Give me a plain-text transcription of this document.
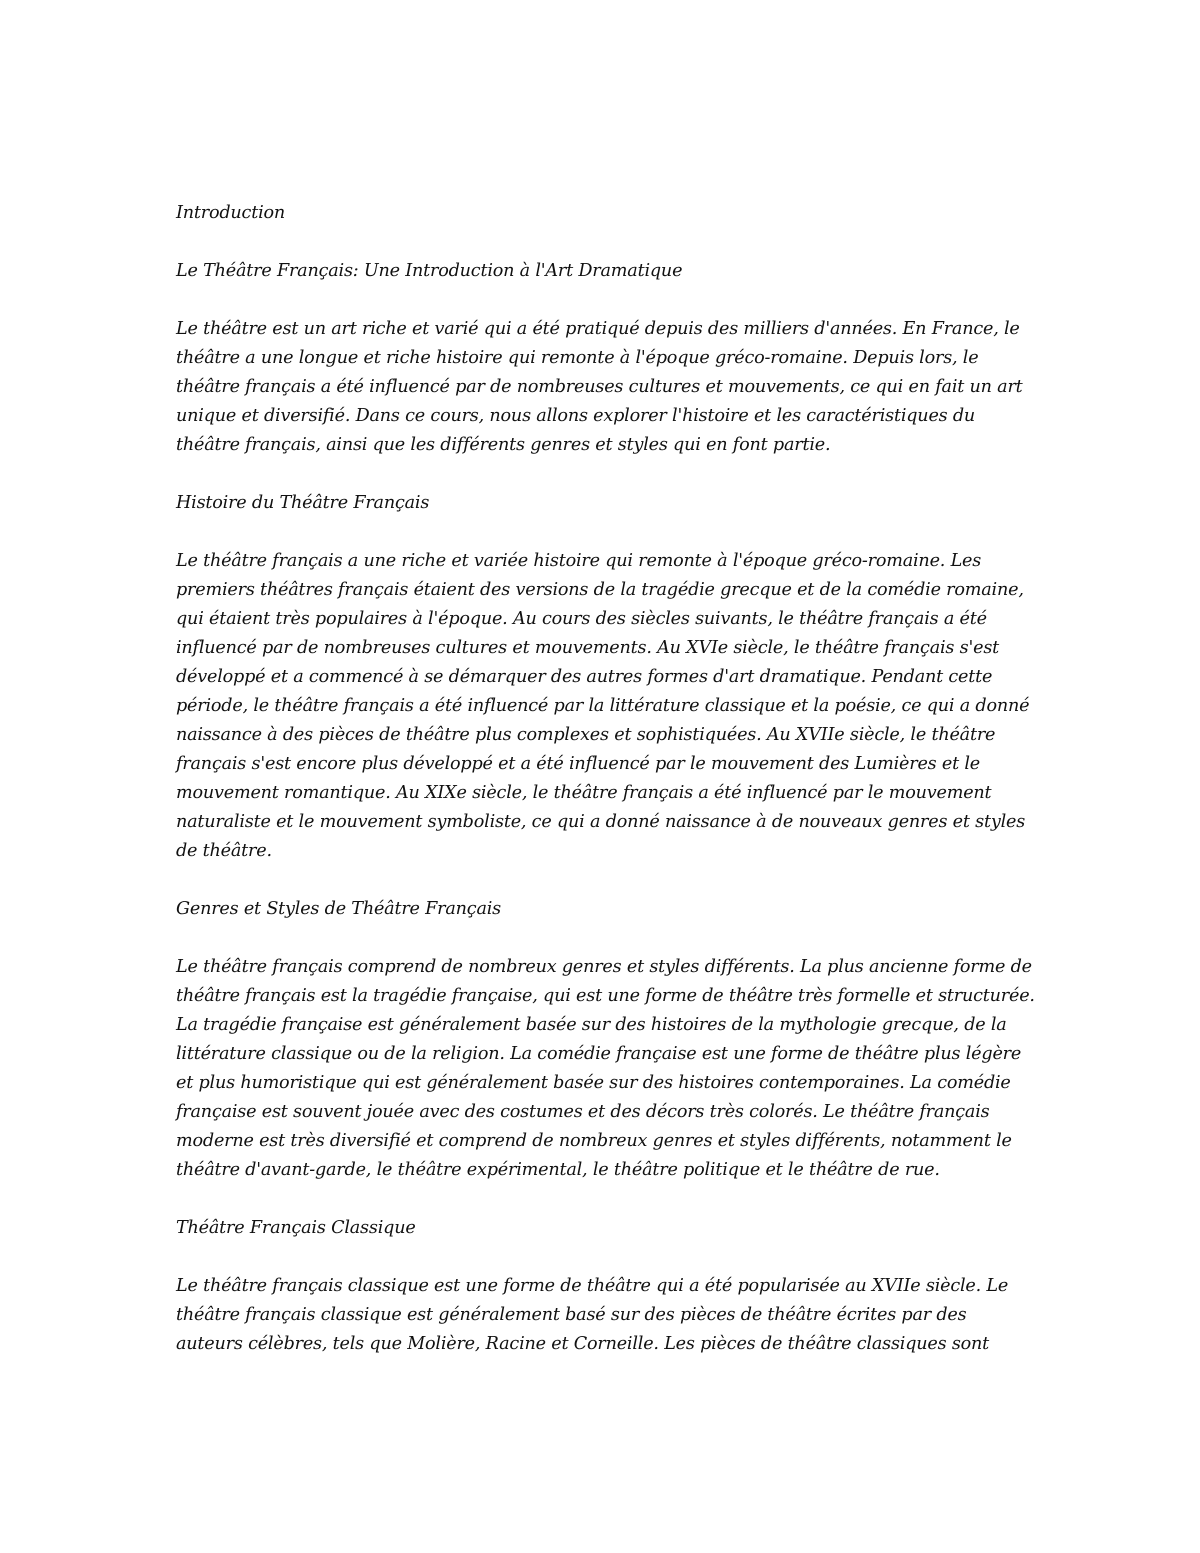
Introduction

Le Théâtre Français: Une Introduction à l'Art Dramatique

Le théâtre est un art riche et varié qui a été pratiqué depuis des milliers d'années. En France, le théâtre a une longue et riche histoire qui remonte à l'époque gréco-romaine. Depuis lors, le théâtre français a été influencé par de nombreuses cultures et mouvements, ce qui en fait un art unique et diversifié. Dans ce cours, nous allons explorer l'histoire et les caractéristiques du théâtre français, ainsi que les différents genres et styles qui en font partie.

Histoire du Théâtre Français

Le théâtre français a une riche et variée histoire qui remonte à l'époque gréco-romaine. Les premiers théâtres français étaient des versions de la tragédie grecque et de la comédie romaine, qui étaient très populaires à l'époque. Au cours des siècles suivants, le théâtre français a été influencé par de nombreuses cultures et mouvements. Au XVIe siècle, le théâtre français s'est développé et a commencé à se démarquer des autres formes d'art dramatique. Pendant cette période, le théâtre français a été influencé par la littérature classique et la poésie, ce qui a donné naissance à des pièces de théâtre plus complexes et sophistiquées. Au XVIIe siècle, le théâtre français s'est encore plus développé et a été influencé par le mouvement des Lumières et le mouvement romantique. Au XIXe siècle, le théâtre français a été influencé par le mouvement naturaliste et le mouvement symboliste, ce qui a donné naissance à de nouveaux genres et styles de théâtre.

Genres et Styles de Théâtre Français

Le théâtre français comprend de nombreux genres et styles différents. La plus ancienne forme de théâtre français est la tragédie française, qui est une forme de théâtre très formelle et structurée. La tragédie française est généralement basée sur des histoires de la mythologie grecque, de la littérature classique ou de la religion. La comédie française est une forme de théâtre plus légère et plus humoristique qui est généralement basée sur des histoires contemporaines. La comédie française est souvent jouée avec des costumes et des décors très colorés. Le théâtre français moderne est très diversifié et comprend de nombreux genres et styles différents, notamment le théâtre d'avant-garde, le théâtre expérimental, le théâtre politique et le théâtre de rue.

Théâtre Français Classique

Le théâtre français classique est une forme de théâtre qui a été popularisée au XVIIe siècle. Le théâtre français classique est généralement basé sur des pièces de théâtre écrites par des auteurs célèbres, tels que Molière, Racine et Corneille. Les pièces de théâtre classiques sont
